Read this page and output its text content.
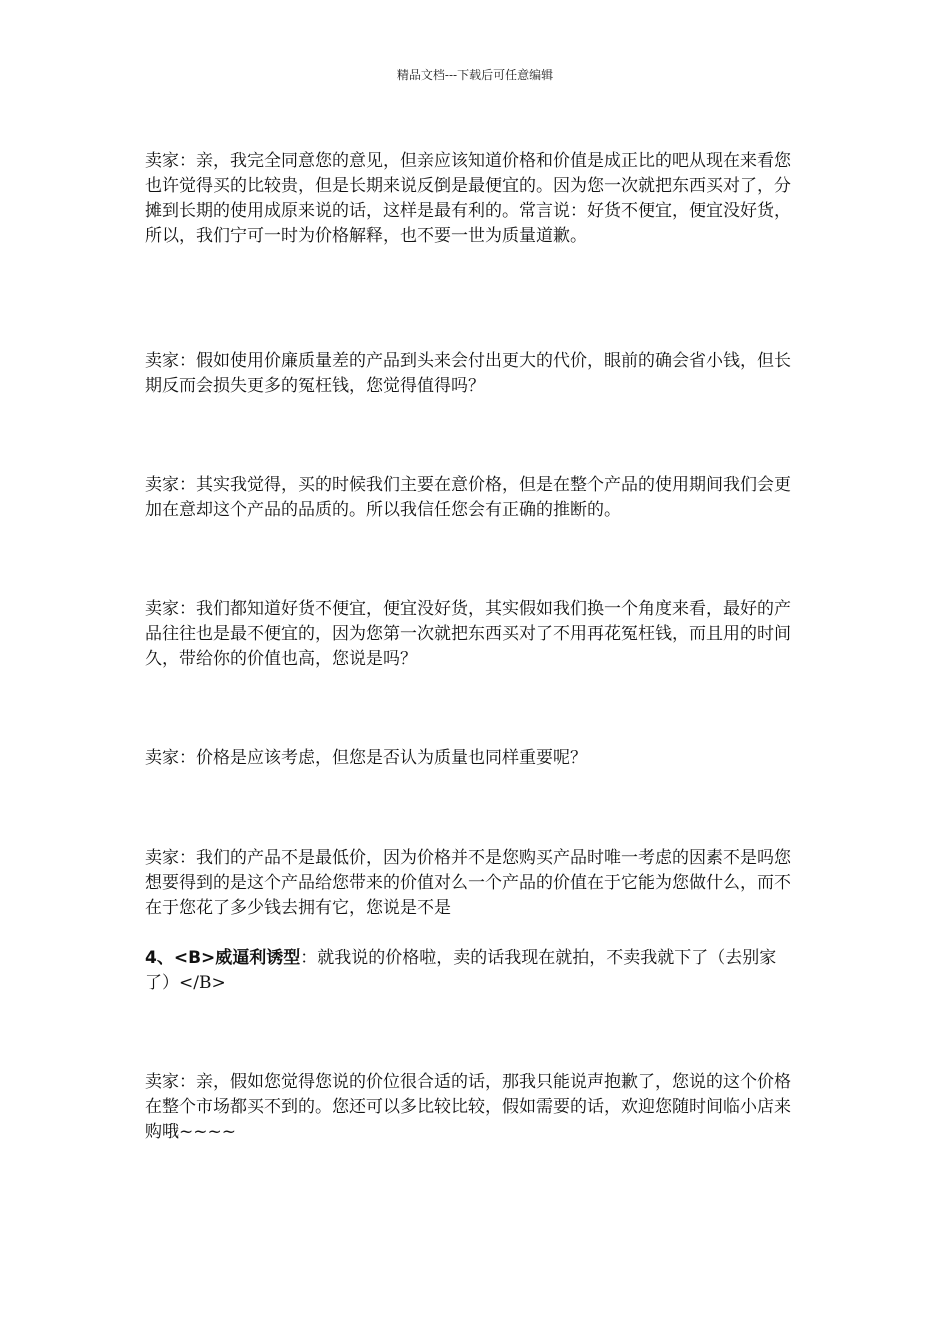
精品文档---下载后可任意编辑

卖家：亲，我完全同意您的意见，但亲应该知道价格和价值是成正比的吧从现在来看您也许觉得买的比较贵，但是长期来说反倒是最便宜的。因为您一次就把东西买对了，分摊到长期的使用成原来说的话，这样是最有利的。常言说：好货不便宜，便宜没好货，所以，我们宁可一时为价格解释，也不要一世为质量道歉。

卖家：假如使用价廉质量差的产品到头来会付出更大的代价，眼前的确会省小钱，但长期反而会损失更多的冤枉钱，您觉得值得吗？

卖家：其实我觉得，买的时候我们主要在意价格，但是在整个产品的使用期间我们会更加在意却这个产品的品质的。所以我信任您会有正确的推断的。

卖家：我们都知道好货不便宜，便宜没好货，其实假如我们换一个角度来看，最好的产品往往也是最不便宜的，因为您第一次就把东西买对了不用再花冤枉钱，而且用的时间久，带给你的价值也高，您说是吗？

卖家：价格是应该考虑，但您是否认为质量也同样重要呢？

卖家：我们的产品不是最低价，因为价格并不是您购买产品时唯一考虑的因素不是吗您想要得到的是这个产品给您带来的价值对么一个产品的价值在于它能为您做什么，而不在于您花了多少钱去拥有它，您说是不是

4、<B>威逼利诱型：就我说的价格啦，卖的话我现在就拍，不卖我就下了（去别家了）</B>

卖家：亲，假如您觉得您说的价位很合适的话，那我只能说声抱歉了，您说的这个价格在整个市场都买不到的。您还可以多比较比较，假如需要的话，欢迎您随时间临小店来购哦~~~~
